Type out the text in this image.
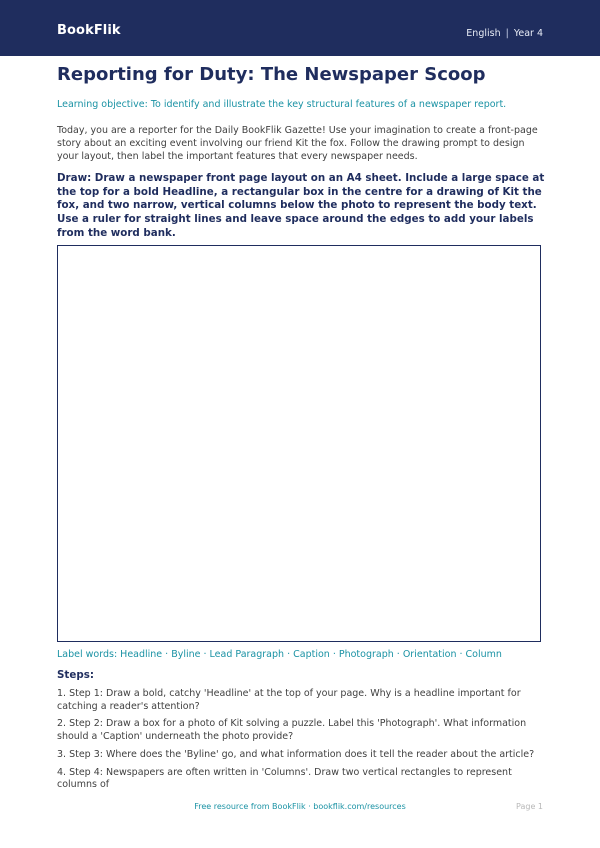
BookFlik	English | Year 4
Reporting for Duty: The Newspaper Scoop

Learning objective: To identify and illustrate the key structural features of a newspaper report.

Today, you are a reporter for the Daily BookFlik Gazette! Use your imagination to create a front-page story about an exciting event involving our friend Kit the fox. Follow the drawing prompt to design your layout, then label the important features that every newspaper needs.

Draw: Draw a newspaper front page layout on an A4 sheet. Include a large space at the top for a bold Headline, a rectangular box in the centre for a drawing of Kit the fox, and two narrow, vertical columns below the photo to represent the body text. Use a ruler for straight lines and leave space around the edges to add your labels from the word bank.

Label words: Headline · Byline · Lead Paragraph · Caption · Photograph · Orientation · Column

Steps:
1. Step 1: Draw a bold, catchy 'Headline' at the top of your page. Why is a headline important for catching a reader's attention?
2. Step 2: Draw a box for a photo of Kit solving a puzzle. Label this 'Photograph'. What information should a 'Caption' underneath the photo provide?
3. Step 3: Where does the 'Byline' go, and what information does it tell the reader about the article?
4. Step 4: Newspapers are often written in 'Columns'. Draw two vertical rectangles to represent columns of
Free resource from BookFlik · bookflik.com/resources	Page 1
